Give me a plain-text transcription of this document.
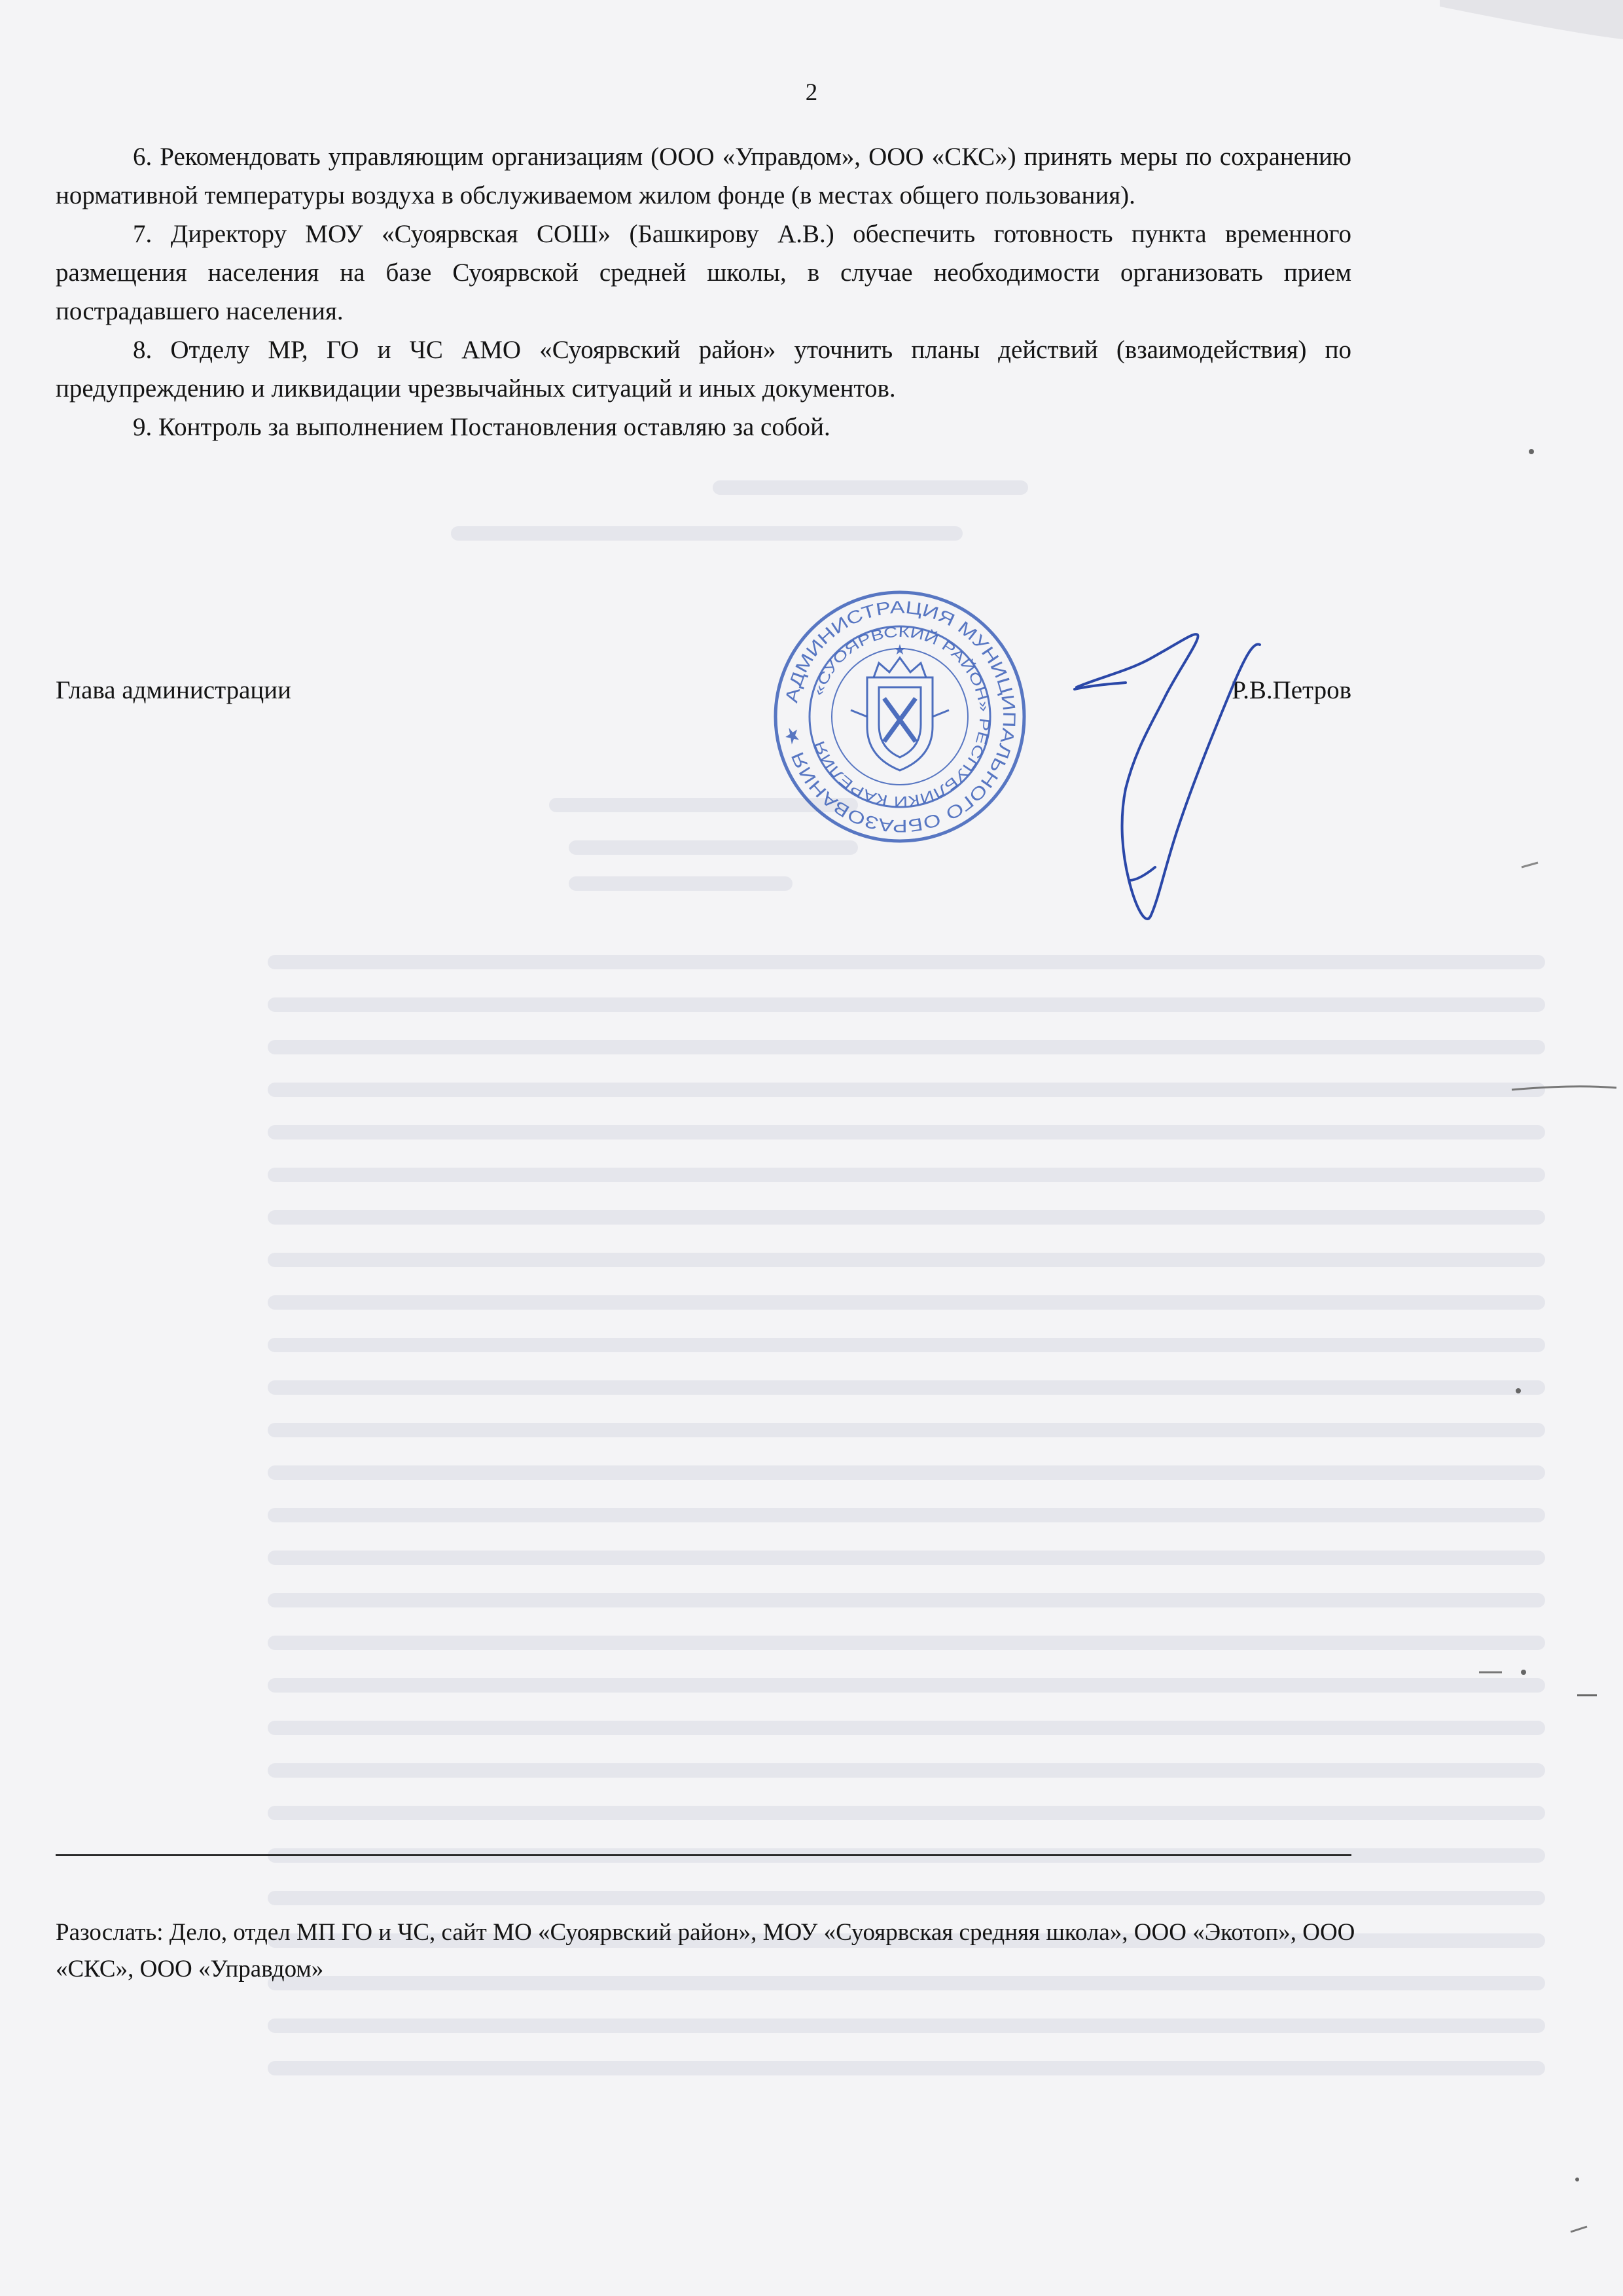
2

6. Рекомендовать управляющим организациям (ООО «Управдом», ООО «СКС») принять меры по сохранению нормативной температуры воздуха в обслуживаемом жилом фонде (в местах общего пользования).

7. Директору МОУ «Суоярвская СОШ» (Башкирову А.В.) обеспечить готовность пункта временного размещения населения на базе Суоярвской средней школы, в случае необходимости организовать прием пострадавшего населения.

8. Отделу МР, ГО и ЧС АМО «Суоярвский район» уточнить планы действий (взаимодействия) по предупреждению и ликвидации чрезвычайных ситуаций и иных документов.

9. Контроль за выполнением Постановления оставляю за собой.

Глава администрации	Р.В.Петров
АДМИНИСТРАЦИЯ МУНИЦИПАЛЬНОГО ОБРАЗОВАНИЯ ★
«СУОЯРВСКИЙ РАЙОН» РЕСПУБЛИКИ КАРЕЛИЯ
★
Разослать: Дело, отдел МП ГО и ЧС, сайт МО «Суоярвский район», МОУ «Суоярвская средняя школа», ООО «Экотоп», ООО «СКС», ООО «Управдом»
